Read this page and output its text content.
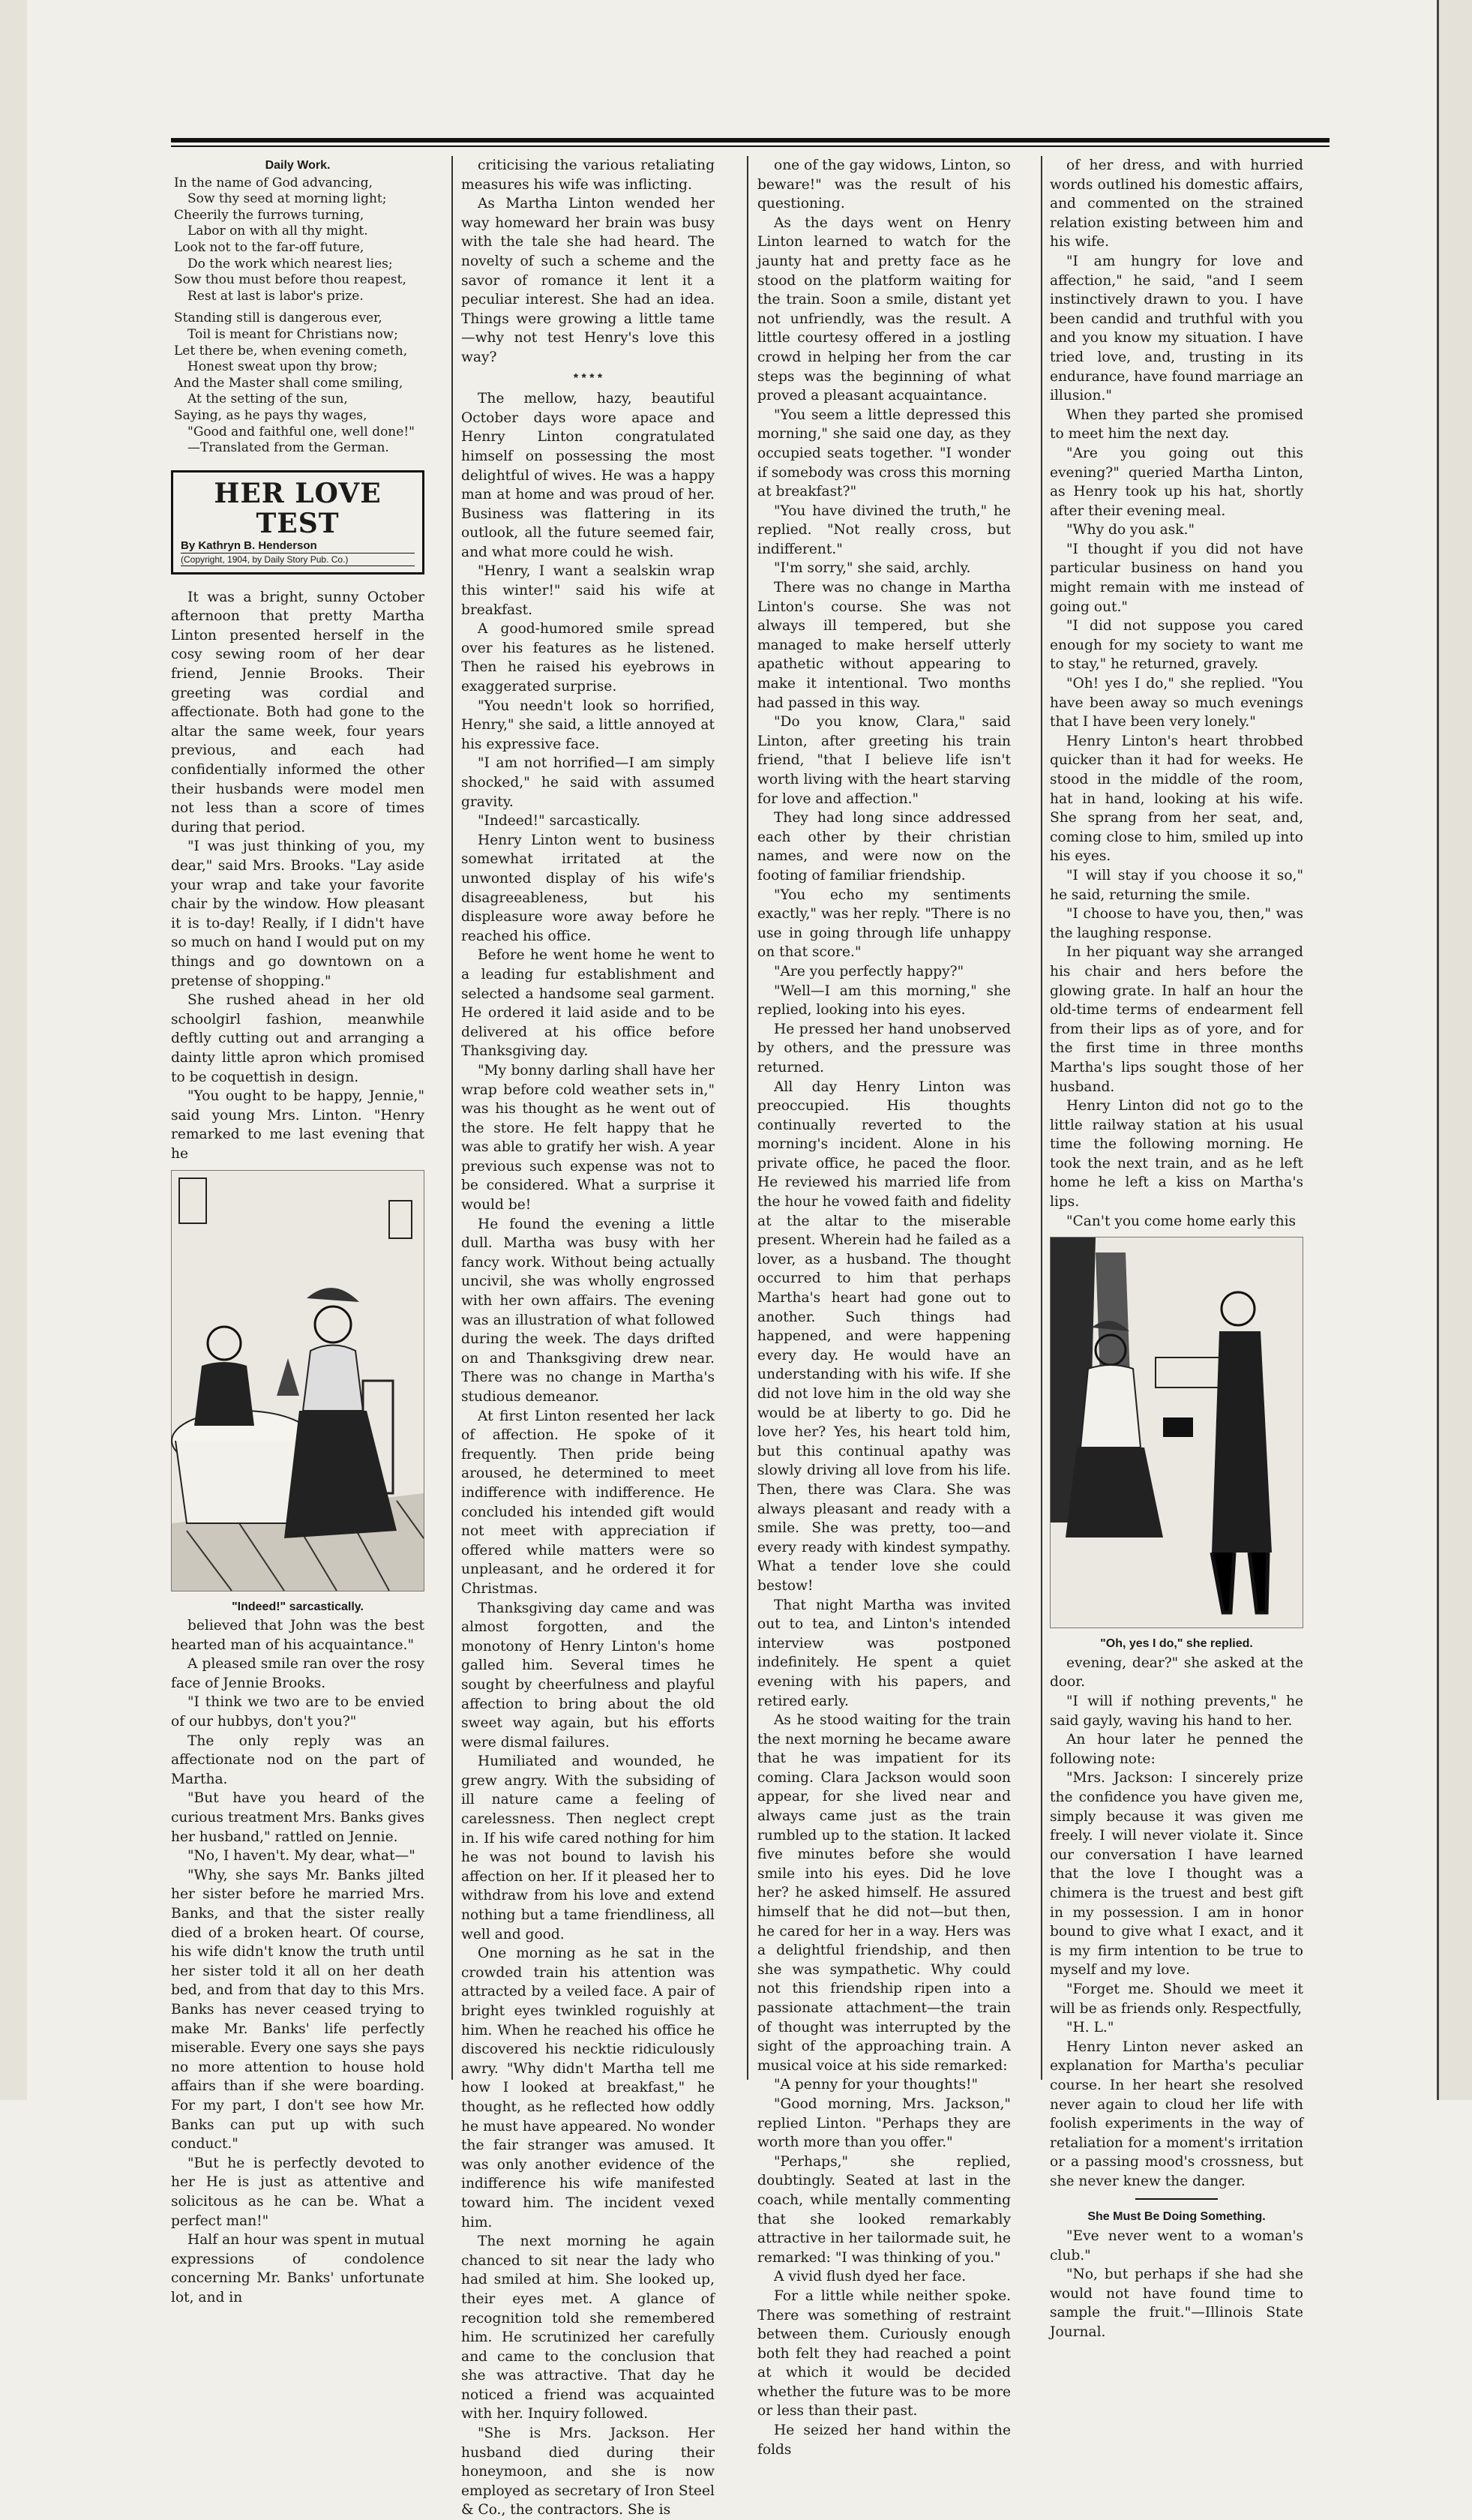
Daily Work.

In the name of God advancing,

Sow thy seed at morning light;

Cheerily the furrows turning,

Labor on with all thy might.

Look not to the far-off future,

Do the work which nearest lies;

Sow thou must before thou reapest,

Rest at last is labor's prize.

Standing still is dangerous ever,

Toil is meant for Christians now;

Let there be, when evening cometh,

Honest sweat upon thy brow;

And the Master shall come smiling,

At the setting of the sun,

Saying, as he pays thy wages,

"Good and faithful one, well done!"

—Translated from the German.

HER LOVE TEST
By Kathryn B. Henderson
(Copyright, 1904, by Daily Story Pub. Co.)

It was a bright, sunny October afternoon that pretty Martha Linton presented herself in the cosy sewing room of her dear friend, Jennie Brooks. Their greeting was cordial and affectionate. Both had gone to the altar the same week, four years previous, and each had confidentially informed the other their husbands were model men not less than a score of times during that period.

"I was just thinking of you, my dear," said Mrs. Brooks. "Lay aside your wrap and take your favorite chair by the window. How pleasant it is to-day! Really, if I didn't have so much on hand I would put on my things and go downtown on a pretense of shopping."

She rushed ahead in her old schoolgirl fashion, meanwhile deftly cutting out and arranging a dainty little apron which promised to be coquettish in design.

"You ought to be happy, Jennie," said young Mrs. Linton. "Henry remarked to me last evening that he

"Indeed!" sarcastically.

believed that John was the best hearted man of his acquaintance."

A pleased smile ran over the rosy face of Jennie Brooks.

"I think we two are to be envied of our hubbys, don't you?"

The only reply was an affectionate nod on the part of Martha.

"But have you heard of the curious treatment Mrs. Banks gives her husband," rattled on Jennie.

"No, I haven't. My dear, what—"

"Why, she says Mr. Banks jilted her sister before he married Mrs. Banks, and that the sister really died of a broken heart. Of course, his wife didn't know the truth until her sister told it all on her death bed, and from that day to this Mrs. Banks has never ceased trying to make Mr. Banks' life perfectly miserable. Every one says she pays no more attention to house hold affairs than if she were boarding. For my part, I don't see how Mr. Banks can put up with such conduct."

"But he is perfectly devoted to her He is just as attentive and solicitous as he can be. What a perfect man!"

Half an hour was spent in mutual expressions of condolence concerning Mr. Banks' unfortunate lot, and in

criticising the various retaliating measures his wife was inflicting.

As Martha Linton wended her way homeward her brain was busy with the tale she had heard. The novelty of such a scheme and the savor of romance it lent it a peculiar interest. She had an idea. Things were growing a little tame—why not test Henry's love this way?

* * * *

The mellow, hazy, beautiful October days wore apace and Henry Linton congratulated himself on possessing the most delightful of wives. He was a happy man at home and was proud of her. Business was flattering in its outlook, all the future seemed fair, and what more could he wish.

"Henry, I want a sealskin wrap this winter!" said his wife at breakfast.

A good-humored smile spread over his features as he listened. Then he raised his eyebrows in exaggerated surprise.

"You needn't look so horrified, Henry," she said, a little annoyed at his expressive face.

"I am not horrified—I am simply shocked," he said with assumed gravity.

"Indeed!" sarcastically.

Henry Linton went to business somewhat irritated at the unwonted display of his wife's disagreeableness, but his displeasure wore away before he reached his office.

Before he went home he went to a leading fur establishment and selected a handsome seal garment. He ordered it laid aside and to be delivered at his office before Thanksgiving day.

"My bonny darling shall have her wrap before cold weather sets in," was his thought as he went out of the store. He felt happy that he was able to gratify her wish. A year previous such expense was not to be considered. What a surprise it would be!

He found the evening a little dull. Martha was busy with her fancy work. Without being actually uncivil, she was wholly engrossed with her own affairs. The evening was an illustration of what followed during the week. The days drifted on and Thanksgiving drew near. There was no change in Martha's studious demeanor.

At first Linton resented her lack of affection. He spoke of it frequently. Then pride being aroused, he determined to meet indifference with indifference. He concluded his intended gift would not meet with appreciation if offered while matters were so unpleasant, and he ordered it for Christmas.

Thanksgiving day came and was almost forgotten, and the monotony of Henry Linton's home galled him. Several times he sought by cheerfulness and playful affection to bring about the old sweet way again, but his efforts were dismal failures.

Humiliated and wounded, he grew angry. With the subsiding of ill nature came a feeling of carelessness. Then neglect crept in. If his wife cared nothing for him he was not bound to lavish his affection on her. If it pleased her to withdraw from his love and extend nothing but a tame friendliness, all well and good.

One morning as he sat in the crowded train his attention was attracted by a veiled face. A pair of bright eyes twinkled roguishly at him. When he reached his office he discovered his necktie ridiculously awry. "Why didn't Martha tell me how I looked at breakfast," he thought, as he reflected how oddly he must have appeared. No wonder the fair stranger was amused. It was only another evidence of the indifference his wife manifested toward him. The incident vexed him.

The next morning he again chanced to sit near the lady who had smiled at him. She looked up, their eyes met. A glance of recognition told she remembered him. He scrutinized her carefully and came to the conclusion that she was attractive. That day he noticed a friend was acquainted with her. Inquiry followed.

"She is Mrs. Jackson. Her husband died during their honeymoon, and she is now employed as secretary of Iron Steel & Co., the contractors. She is

one of the gay widows, Linton, so beware!" was the result of his questioning.

As the days went on Henry Linton learned to watch for the jaunty hat and pretty face as he stood on the platform waiting for the train. Soon a smile, distant yet not unfriendly, was the result. A little courtesy offered in a jostling crowd in helping her from the car steps was the beginning of what proved a pleasant acquaintance.

"You seem a little depressed this morning," she said one day, as they occupied seats together. "I wonder if somebody was cross this morning at breakfast?"

"You have divined the truth," he replied. "Not really cross, but indifferent."

"I'm sorry," she said, archly.

There was no change in Martha Linton's course. She was not always ill tempered, but she managed to make herself utterly apathetic without appearing to make it intentional. Two months had passed in this way.

"Do you know, Clara," said Linton, after greeting his train friend, "that I believe life isn't worth living with the heart starving for love and affection."

They had long since addressed each other by their christian names, and were now on the footing of familiar friendship.

"You echo my sentiments exactly," was her reply. "There is no use in going through life unhappy on that score."

"Are you perfectly happy?"

"Well—I am this morning," she replied, looking into his eyes.

He pressed her hand unobserved by others, and the pressure was returned.

All day Henry Linton was preoccupied. His thoughts continually reverted to the morning's incident. Alone in his private office, he paced the floor. He reviewed his married life from the hour he vowed faith and fidelity at the altar to the miserable present. Wherein had he failed as a lover, as a husband. The thought occurred to him that perhaps Martha's heart had gone out to another. Such things had happened, and were happening every day. He would have an understanding with his wife. If she did not love him in the old way she would be at liberty to go. Did he love her? Yes, his heart told him, but this continual apathy was slowly driving all love from his life. Then, there was Clara. She was always pleasant and ready with a smile. She was pretty, too—and every ready with kindest sympathy. What a tender love she could bestow!

That night Martha was invited out to tea, and Linton's intended interview was postponed indefinitely. He spent a quiet evening with his papers, and retired early.

As he stood waiting for the train the next morning he became aware that he was impatient for its coming. Clara Jackson would soon appear, for she lived near and always came just as the train rumbled up to the station. It lacked five minutes before she would smile into his eyes. Did he love her? he asked himself. He assured himself that he did not—but then, he cared for her in a way. Hers was a delightful friendship, and then she was sympathetic. Why could not this friendship ripen into a passionate attachment—the train of thought was interrupted by the sight of the approaching train. A musical voice at his side remarked:

"A penny for your thoughts!"

"Good morning, Mrs. Jackson," replied Linton. "Perhaps they are worth more than you offer."

"Perhaps," she replied, doubtingly. Seated at last in the coach, while mentally commenting that she looked remarkably attractive in her tailormade suit, he remarked: "I was thinking of you."

A vivid flush dyed her face.

For a little while neither spoke. There was something of restraint between them. Curiously enough both felt they had reached a point at which it would be decided whether the future was to be more or less than their past.

He seized her hand within the folds

of her dress, and with hurried words outlined his domestic affairs, and commented on the strained relation existing between him and his wife.

"I am hungry for love and affection," he said, "and I seem instinctively drawn to you. I have been candid and truthful with you and you know my situation. I have tried love, and, trusting in its endurance, have found marriage an illusion."

When they parted she promised to meet him the next day.

"Are you going out this evening?" queried Martha Linton, as Henry took up his hat, shortly after their evening meal.

"Why do you ask."

"I thought if you did not have particular business on hand you might remain with me instead of going out."

"I did not suppose you cared enough for my society to want me to stay," he returned, gravely.

"Oh! yes I do," she replied. "You have been away so much evenings that I have been very lonely."

Henry Linton's heart throbbed quicker than it had for weeks. He stood in the middle of the room, hat in hand, looking at his wife. She sprang from her seat, and, coming close to him, smiled up into his eyes.

"I will stay if you choose it so," he said, returning the smile.

"I choose to have you, then," was the laughing response.

In her piquant way she arranged his chair and hers before the glowing grate. In half an hour the old-time terms of endearment fell from their lips as of yore, and for the first time in three months Martha's lips sought those of her husband.

Henry Linton did not go to the little railway station at his usual time the following morning. He took the next train, and as he left home he left a kiss on Martha's lips.

"Can't you come home early this

"Oh, yes I do," she replied.

evening, dear?" she asked at the door.

"I will if nothing prevents," he said gayly, waving his hand to her.

An hour later he penned the following note:

"Mrs. Jackson: I sincerely prize the confidence you have given me, simply because it was given me freely. I will never violate it. Since our conversation I have learned that the love I thought was a chimera is the truest and best gift in my possession. I am in honor bound to give what I exact, and it is my firm intention to be true to myself and my love.

"Forget me. Should we meet it will be as friends only. Respectfully,

"H. L."

Henry Linton never asked an explanation for Martha's peculiar course. In her heart she resolved never again to cloud her life with foolish experiments in the way of retaliation for a moment's irritation or a passing mood's crossness, but she never knew the danger.

She Must Be Doing Something.

"Eve never went to a woman's club."

"No, but perhaps if she had she would not have found time to sample the fruit."—Illinois State Journal.
